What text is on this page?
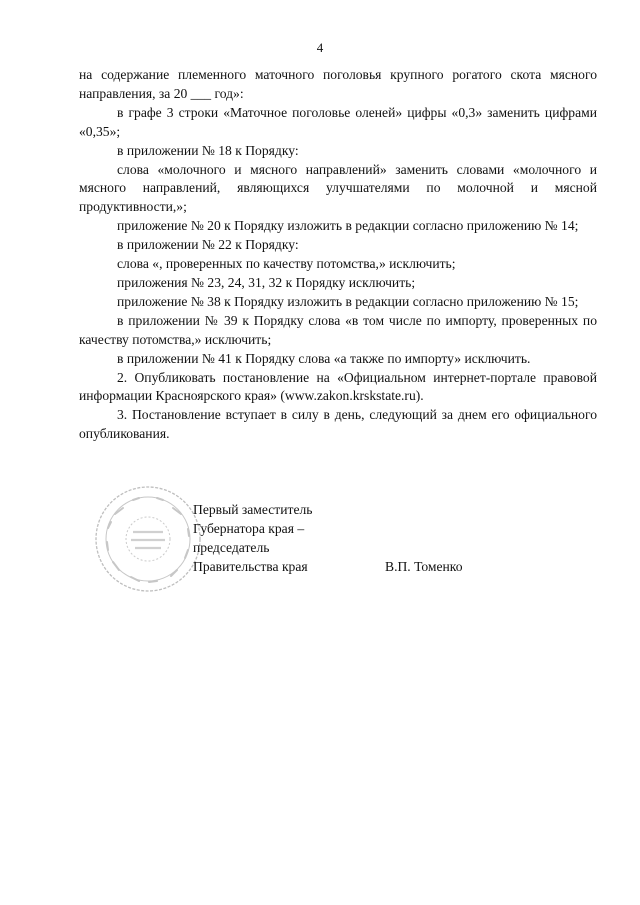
4

на содержание племенного маточного поголовья крупного рогатого скота мясного направления, за 20 ___ год»:

в графе 3 строки «Маточное поголовье оленей» цифры «0,3» заменить цифрами «0,35»;

в приложении № 18 к Порядку:

слова «молочного и мясного направлений» заменить словами «молочного и мясного направлений, являющихся улучшателями по молочной и мясной продуктивности,»;

приложение № 20 к Порядку изложить в редакции согласно приложению № 14;

в приложении № 22 к Порядку:

слова «, проверенных по качеству потомства,» исключить;

приложения № 23, 24, 31, 32 к Порядку исключить;

приложение № 38 к Порядку изложить в редакции согласно приложению № 15;

в приложении № 39 к Порядку слова «в том числе по импорту, проверенных по качеству потомства,» исключить;

в приложении № 41 к Порядку слова «а также по импорту» исключить.

2. Опубликовать постановление на «Официальном интернет-портале правовой информации Красноярского края» (www.zakon.krskstate.ru).

3. Постановление вступает в силу в день, следующий за днем его официального опубликования.

Первый заместитель
Губернатора края –
председатель
Правительства края	В.П. Томенко
